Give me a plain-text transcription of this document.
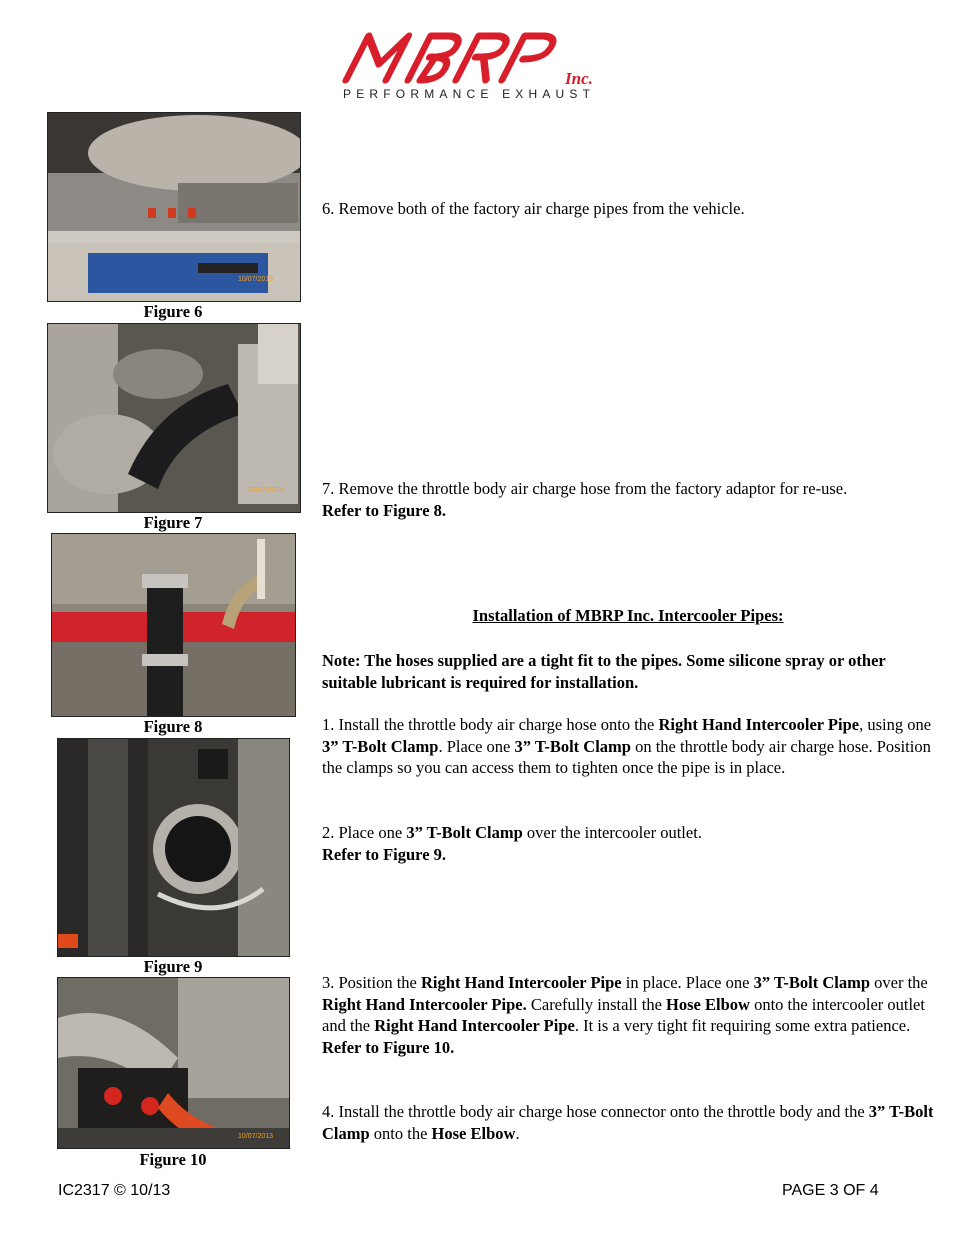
Inc.
PERFORMANCE EXHAUST
10/07/2013
Figure 6
10/07/2013
Figure 7
Figure 8
Figure 9
10/07/2013
Figure 10
6. Remove both of the factory air charge pipes from the vehicle.
7. Remove the throttle body air charge hose from the factory adaptor for re-use.
Refer to Figure 8.
Installation of MBRP Inc. Intercooler Pipes:
Note: The hoses supplied are a tight fit to the pipes. Some silicone spray or other suitable lubricant is required for installation.
1. Install the throttle body air charge hose onto the Right Hand Intercooler Pipe, using one 3” T-Bolt Clamp. Place one 3” T-Bolt Clamp on the throttle body air charge hose. Position the clamps so you can access them to tighten once the pipe is in place.
2. Place one 3” T-Bolt Clamp over the intercooler outlet.
Refer to Figure 9.
3. Position the Right Hand Intercooler Pipe in place. Place one 3” T-Bolt Clamp over the Right Hand Intercooler Pipe. Carefully install the Hose Elbow onto the intercooler outlet and the Right Hand Intercooler Pipe. It is a very tight fit requiring some extra patience.
Refer to Figure 10.
4. Install the throttle body air charge hose connector onto the throttle body and the 3” T-Bolt Clamp onto the Hose Elbow.
IC2317 © 10/13	PAGE 3 OF 4
